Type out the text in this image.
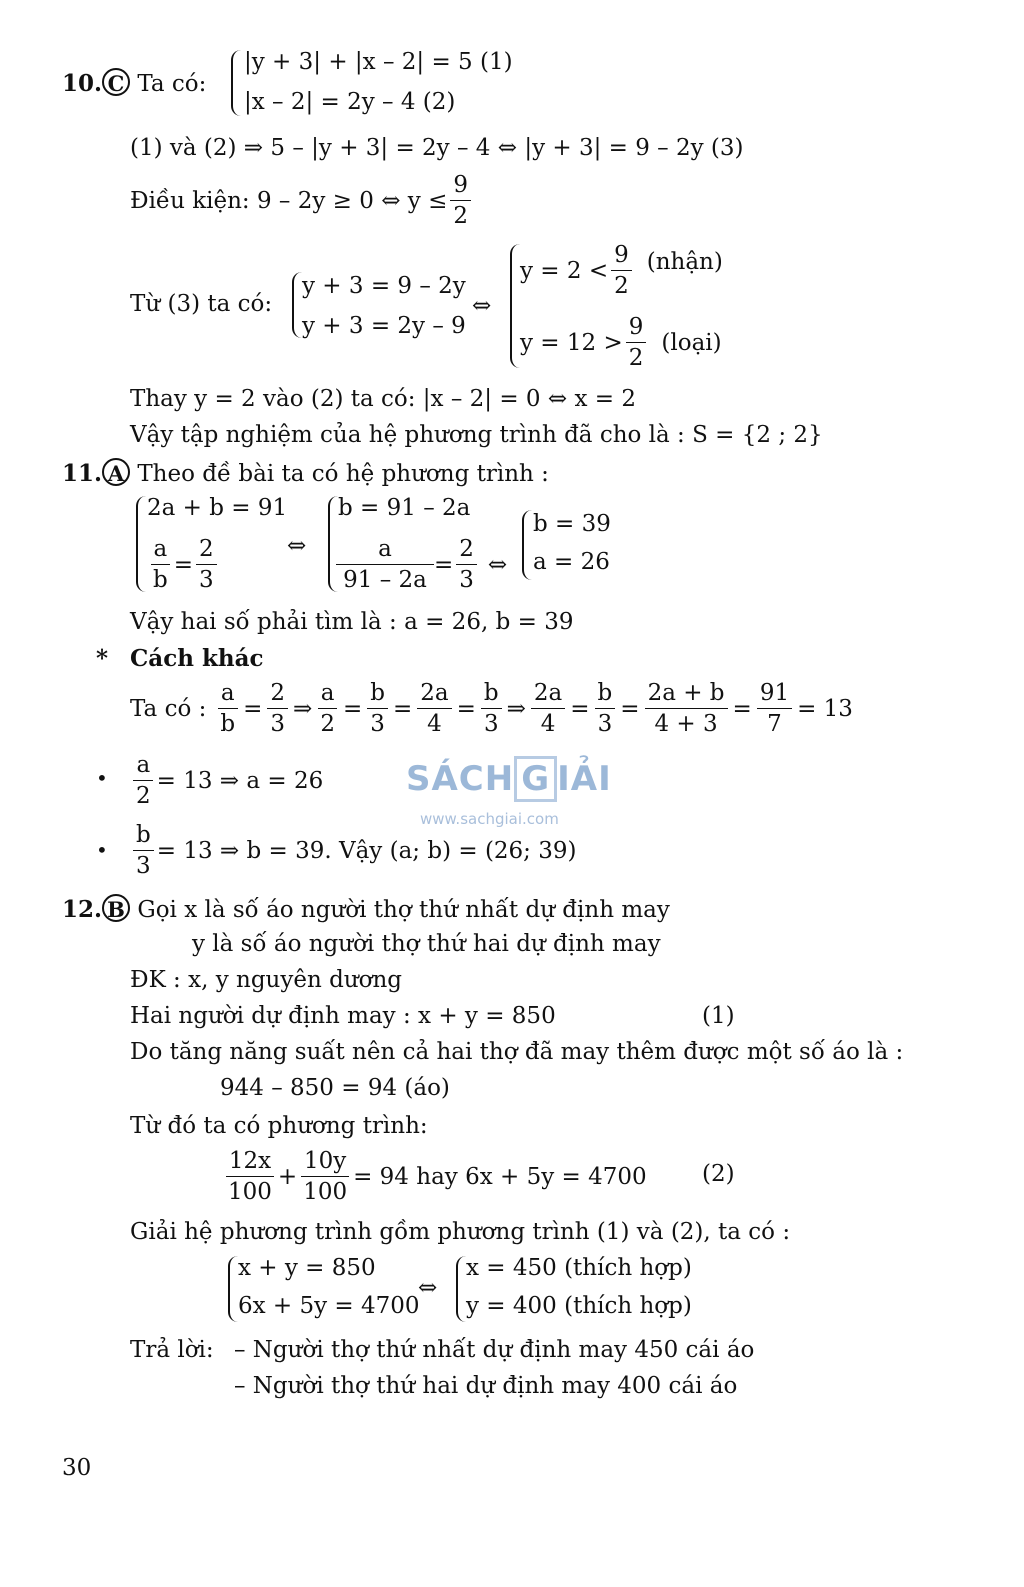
10. C Ta có:
|y + 3| + |x – 2| = 5 (1)
|x – 2| = 2y – 4 (2)
(1) và (2) ⇒ 5 – |y + 3| = 2y – 4 ⇔ |y + 3| = 9 – 2y (3)
Điều kiện: 9 – 2y ≥ 0 ⇔ $y \le \frac{9}{2}$
Từ (3) ta có:
y + 3 = 9 – 2y
y + 3 = 2y – 9
⇔
$y = 2 < \frac{9}{2}$ (nhận)
$y = 12 > \frac{9}{2}$ (loại)
Thay y = 2 vào (2) ta có: |x – 2| = 0 ⇔ x = 2
Vậy tập nghiệm của hệ phương trình đã cho là : S = {2 ; 2}
11. A Theo đề bài ta có hệ phương trình :
2a + b = 91
$\frac{a}{b} = \frac{2}{3}$	⇔
b = 91 – 2a
$\frac{a}{91 - 2a} = \frac{2}{3}$ ⇔
b = 39
a = 26
Vậy hai số phải tìm là : a = 26, b = 39
* Cách khác
Ta có : $\frac{a}{b} = \frac{2}{3}$ ⇒ $\frac{a}{2} = \frac{b}{3} = \frac{2a}{4} = \frac{b}{3}$ ⇒ $\frac{2a}{4} = \frac{b}{3} = \frac{2a + b}{4 + 3} = \frac{91}{7} = 13$
• $\frac{a}{2} = 13$ ⇒ a = 26
• $\frac{b}{3} = 13$ ⇒ b = 39. Vậy (a; b) = (26; 39)
SÁCH G IẢI
www.sachgiai.com
12. B Gọi x là số áo người thợ thứ nhất dự định may
y là số áo người thợ thứ hai dự định may
ĐK : x, y nguyên dương
Hai người dự định may : x + y = 850	(1)
Do tăng năng suất nên cả hai thợ đã may thêm được một số áo là :
944 – 850 = 94 (áo)
Từ đó ta có phương trình:
$\frac{12x}{100} + \frac{10y}{100} = 94$ hay 6x + 5y = 4700 (2)
Giải hệ phương trình gồm phương trình (1) và (2), ta có :
x + y = 850
6x + 5y = 4700
⇔
x = 450 (thích hợp)
y = 400 (thích hợp)
Trả lời: – Người thợ thứ nhất dự định may 450 cái áo
– Người thợ thứ hai dự định may 400 cái áo
30
